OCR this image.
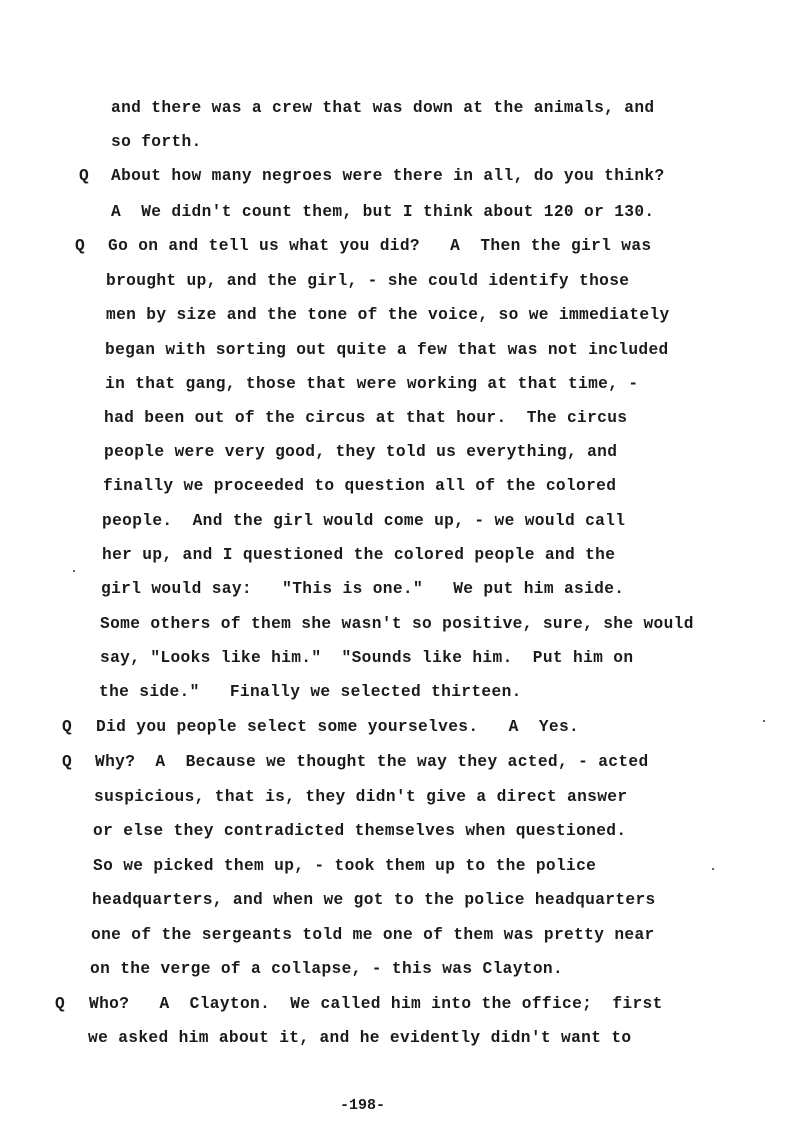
and there was a crew that was down at the animals, and
so forth.
Q About how many negroes were there in all, do you think?
A  We didn't count them, but I think about 120 or 130.
Q Go on and tell us what you did?   A  Then the girl was
brought up, and the girl, - she could identify those
men by size and the tone of the voice, so we immediately
began with sorting out quite a few that was not included
in that gang, those that were working at that time, -
had been out of the circus at that hour.  The circus
people were very good, they told us everything, and
finally we proceeded to question all of the colored
people.  And the girl would come up, - we would call
her up, and I questioned the colored people and the
girl would say:   "This is one."   We put him aside.
Some others of them she wasn't so positive, sure, she would
say, "Looks like him."  "Sounds like him.  Put him on
the side."   Finally we selected thirteen.
Q Did you people select some yourselves.   A  Yes.
Q Why?  A  Because we thought the way they acted, - acted
suspicious, that is, they didn't give a direct answer
or else they contradicted themselves when questioned.
So we picked them up, - took them up to the police
headquarters, and when we got to the police headquarters
one of the sergeants told me one of them was pretty near
on the verge of a collapse, - this was Clayton.
Q Who?   A  Clayton.  We called him into the office;  first
we asked him about it, and he evidently didn't want to
-198-
